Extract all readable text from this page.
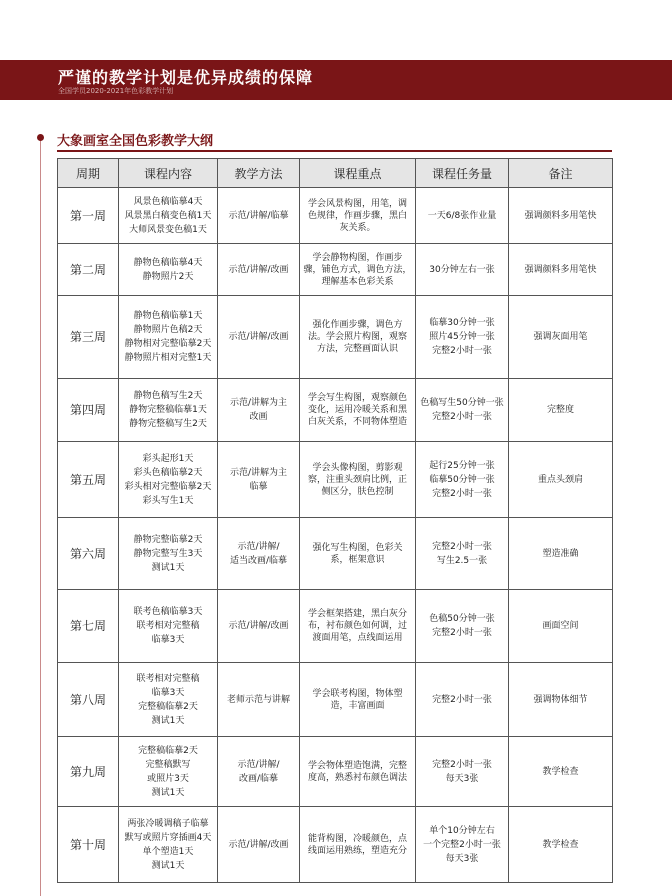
严谨的教学计划是优异成绩的保障
全国学员2020-2021年色彩教学计划
大象画室全国色彩教学大纲
周期	课程内容	教学方法	课程重点	课程任务量	备注
第一周	风景色稿临摹4天
风景黑白稿变色稿1天
大师风景变色稿1天	示范/讲解/临摹	学会风景构图，用笔，调
色规律，作画步骤，黑白
灰关系。	一天6/8张作业量	强调颜料多用笔快
第二周	静物色稿临摹4天
静物照片2天	示范/讲解/改画	学会静物构图，作画步
骤，铺色方式，调色方法，
理解基本色彩关系	30分钟左右一张	强调颜料多用笔快
第三周	静物色稿临摹1天
静物照片色稿2天
静物相对完整临摹2天
静物照片相对完整1天	示范/讲解/改画	强化作画步骤，调色方
法。学会照片构图，观察
方法，完整画面认识	临摹30分钟一张
照片45分钟一张
完整2小时一张	强调灰面用笔
第四周	静物色稿写生2天
静物完整稿临摹1天
静物完整稿写生2天	示范/讲解为主
改画	学会写生构图，观察颜色
变化，运用冷暖关系和黑
白灰关系，不同物体塑造	色稿写生50分钟一张
完整2小时一张	完整度
第五周	彩头起形1天
彩头色稿临摹2天
彩头相对完整临摹2天
彩头写生1天	示范/讲解为主
临摹	学会头像构图，剪影观
察，注重头颈肩比例，正
侧区分，肤色控制	起行25分钟一张
临摹50分钟一张
完整2小时一张	重点头颈肩
第六周	静物完整临摹2天
静物完整写生3天
测试1天	示范/讲解/
适当改画/临摹	强化写生构图，色彩关
系，框架意识	完整2小时一张
写生2.5一张	塑造准确
第七周	联考色稿临摹3天
联考相对完整稿
临摹3天	示范/讲解/改画	学会框架搭建，黑白灰分
布，衬布颜色如何调，过
渡面用笔，点线面运用	色稿50分钟一张
完整2小时一张	画面空间
第八周	联考相对完整稿
临摹3天
完整稿临摹2天
测试1天	老师示范与讲解	学会联考构图，物体塑
造，丰富画面	完整2小时一张	强调物体细节
第九周	完整稿临摹2天
完整稿默写
或照片3天
测试1天	示范/讲解/
改画/临摹	学会物体塑造饱满，完整
度高，熟悉衬布颜色调法	完整2小时一张
每天3张	教学检查
第十周	两张冷暖调稿子临摹
默写或照片穿插画4天
单个塑造1天
测试1天	示范/讲解/改画	能背构图，冷暖颜色，点
线面运用熟练，塑造充分	单个10分钟左右
一个完整2小时一张
每天3张	教学检查
